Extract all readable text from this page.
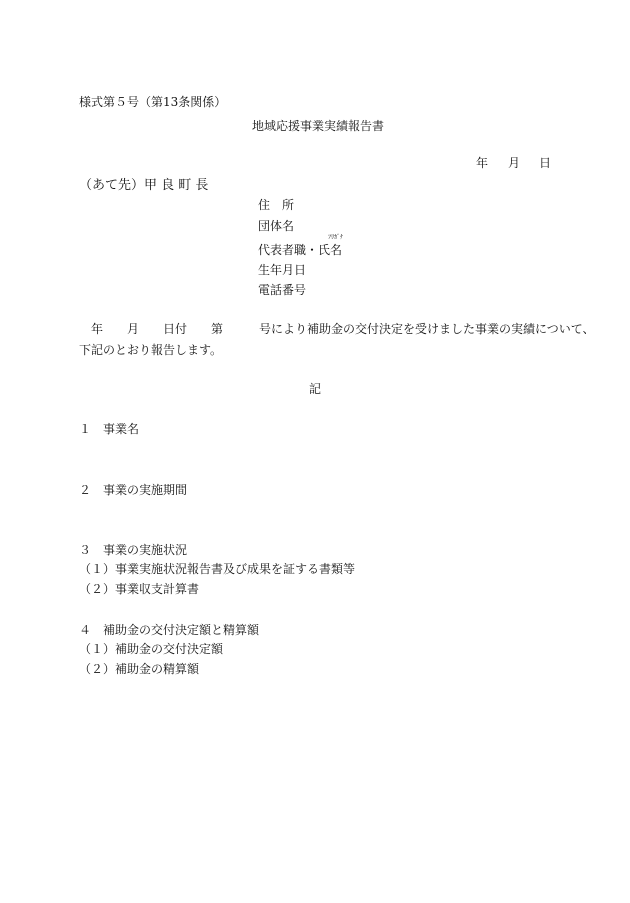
様式第５号（第13条関係）
地域応援事業実績報告書
年 月 日
（あて先）甲 良 町 長
住　所
団体名
ﾌﾘｶﾞﾅ
代表者職・氏名
生年月日
電話番号
　年　　月　　日付　　第　　　号により補助金の交付決定を受けました事業の実績について、
下記のとおり報告します。
記
１　事業名
２　事業の実施期間
３　事業の実施状況
（１）事業実施状況報告書及び成果を証する書類等
（２）事業収支計算書
４　補助金の交付決定額と精算額
（１）補助金の交付決定額
（２）補助金の精算額
